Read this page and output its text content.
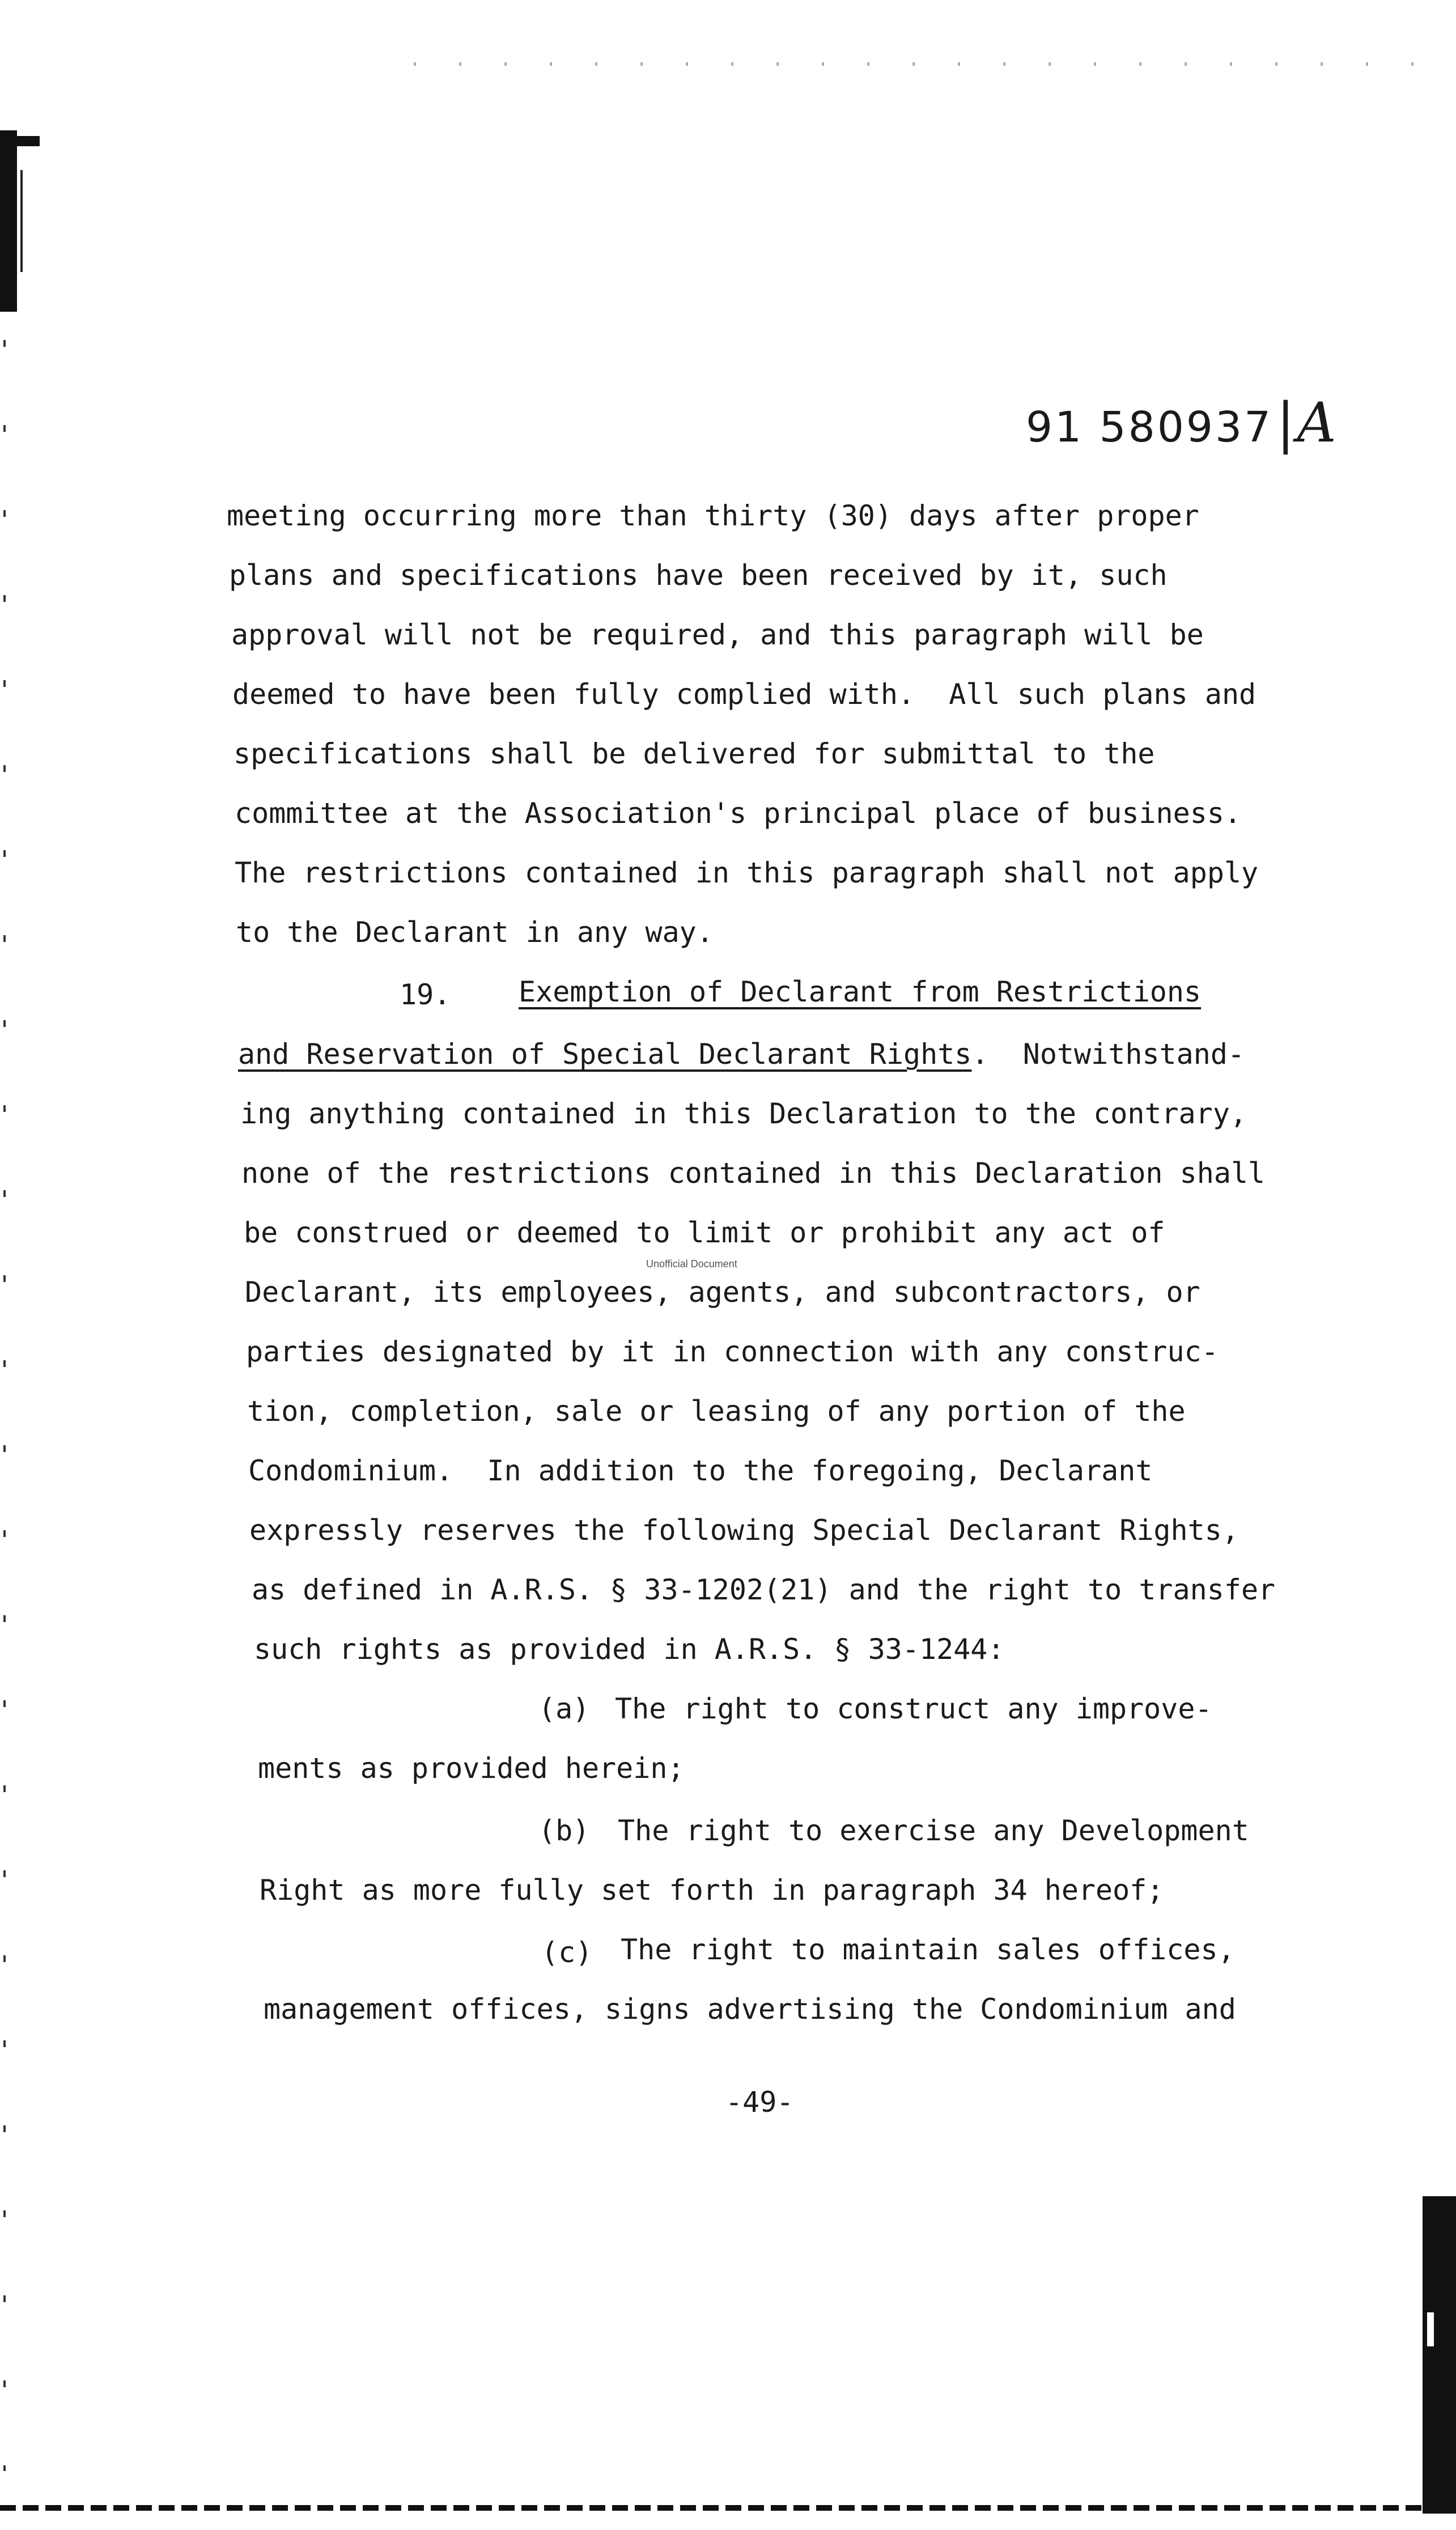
91 580937|A
meeting occurring more than thirty (30) days after proper
plans and specifications have been received by it, such
approval will not be required, and this paragraph will be
deemed to have been fully complied with.  All such plans and
specifications shall be delivered for submittal to the
committee at the Association's principal place of business.
The restrictions contained in this paragraph shall not apply
to the Declarant in any way.
19. Exemption of Declarant from Restrictions
and Reservation of Special Declarant Rights.  Notwithstand-
ing anything contained in this Declaration to the contrary,
none of the restrictions contained in this Declaration shall
be construed or deemed to limit or prohibit any act of
Declarant, its employees, agents, and subcontractors, or
parties designated by it in connection with any construc-
tion, completion, sale or leasing of any portion of the
Condominium.  In addition to the foregoing, Declarant
expressly reserves the following Special Declarant Rights,
as defined in A.R.S. § 33-1202(21) and the right to transfer
such rights as provided in A.R.S. § 33-1244:
(a) The right to construct any improve-
ments as provided herein;
(b) The right to exercise any Development
Right as more fully set forth in paragraph 34 hereof;
(c) The right to maintain sales offices,
management offices, signs advertising the Condominium and
Unofficial Document
-49-
